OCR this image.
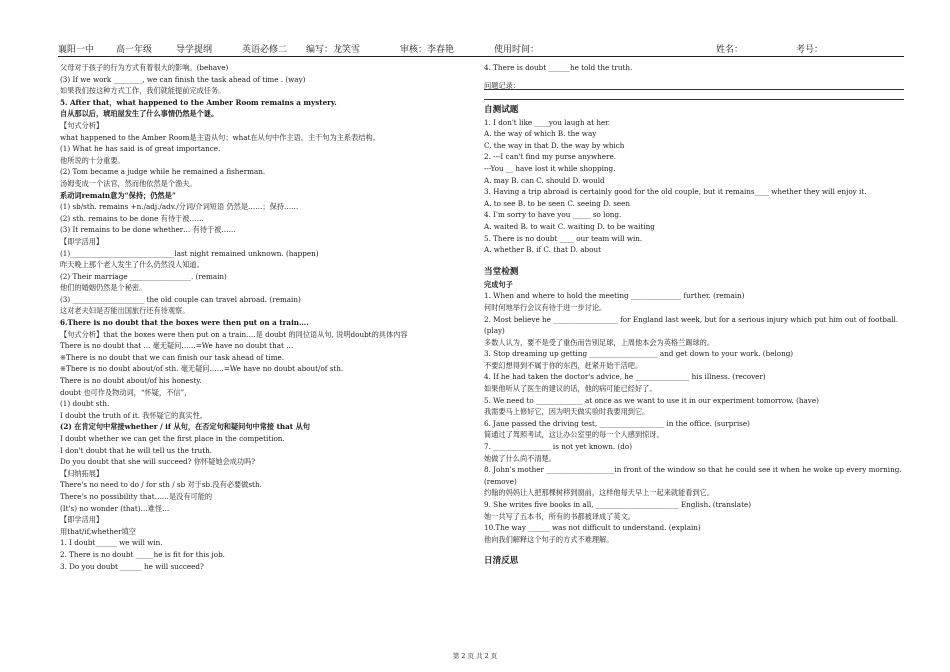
襄阳一中 高一年级	导学提纲	英语必修二 编写：龙笑雪	审核：李春艳	使用时间：	姓名：	考号：
父母对于孩子的行为方式有着很大的影响。(behave)
(3) If we work ________, we can finish the task ahead of time . (way)
如果我们按这种方式工作，我们就能提前完成任务。
5. After that，what happened to the Amber Room remains a mystery.
自从那以后，琥珀屋发生了什么事情仍然是个谜。
【句式分析】
what happened to the Amber Room是主语从句；what在从句中作主语。主干句为主系表结构。
(1) What he has said is of great importance.
他所说的十分重要。
(2) Tom became a judge while he remained a fisherman.
汤姆变成一个法官，然而他依然是个渔夫。
系动词remain意为“保持；仍然是”
(1) sb/sth. remains +n./adj./adv./分词/介词短语 仍然是……；保持……
(2) sth. remains to be done 有待于被……
(3) It remains to be done whether… 有待于被……
【即学活用】
(1)_____________________________last night remained unknown. (happen)
昨天晚上那个老人发生了什么仍然没人知道。
(2) Their marriage _________________. (remain)
他们的婚姻仍然是个秘密。
(3) ____________________ the old couple can travel abroad. (remain)
这对老夫妇是否能出国旅行还有待观察。
6.There is no doubt that the boxes were then put on a train….
【句式分析】that the boxes were then put on a train….是 doubt 的同位语从句, 说明doubt的具体内容
There is no doubt that ... 毫无疑问……=We have no doubt that …
※There is no doubt that we can finish our task ahead of time.
※There is no doubt about/of sth. 毫无疑问……=We have no doubt about/of sth.
There is no doubt about/of his honesty.
doubt 也可作及物动词，“怀疑，不信”，
(1) doubt sth.
I doubt the truth of it. 我怀疑它的真实性。
(2) 在肯定句中常接whether / if 从句，在否定句和疑问句中常接 that 从句
I doubt whether we can get the first place in the competition.
I don't doubt that he will tell us the truth.
Do you doubt that she will succeed? 你怀疑她会成功吗?
【归纳拓展】
There's no need to do / for sth / sb 对于sb.没有必要做sth.
There's no possibility that……是没有可能的
(It's) no wonder (that)…难怪…
【即学活用】
用that/if,whether填空
1. I doubt______ we will win.
2. There is no doubt _____he is fit for this job.
3. Do you doubt ______ he will succeed?
4. There is doubt ______he told the truth.
问题记录：
自测试题
1. I don't like ____you laugh at her.
A. the way of which B. the way
C. the way in that D. the way by which
2. ---I can't find my purse anywhere.
---You __ have lost it while shopping.
A. may B. can C. should D. would
3. Having a trip abroad is certainly good for the old couple, but it remains____ whether they will enjoy it.
A. to see B. to be seen C. seeing D. seen
4. I'm sorry to have you _____ so long.
A. waited B. to wait C. waiting D. to be waiting
5. There is no doubt ____ our team will win.
A. whether B. if C. that D. about
当堂检测
完成句子
1. When and where to hold the meeting ______________ further. (remain)
何时何地举行会议有待于进一步讨论。
2. Most believe he __________________ for England last week, but for a serious injury which put him out of football.
(play)
多数人认为，要不是受了重伤而告别足球，上周他本会为英格兰踢球的。
3. Stop dreaming up getting ___________________ and get down to your work. (belong)
不要幻想得到不属于你的东西，赶紧开始干活吧。
4. If he had taken the doctor's advice, he _______________ his illness. (recover)
如果他听从了医生的建议的话，他的病可能已经好了。
5. We need to _____________ at once as we want to use it in our experiment tomorrow. (have)
我需要马上修好它，因为明天做实验时我要用到它。
6. Jane passed the driving test, __________________ in the office. (surprise)
简通过了驾照考试，这让办公室里的每一个人感到惊讶。
7. ________________ is not yet known. (do)
她做了什么尚不清楚。
8. John's mother ___________________in front of the window so that he could see it when he woke up every morning.
(remove)
约翰的妈妈让人把那棵树移到窗前，这样他每天早上一起来就能看到它。
9. She writes five books in all, _______________________ English. (translate)
她一共写了五本书，所有的书都被译成了英文。
10.The way ______ was not difficult to understand. (explain)
他向我们解释这个句子的方式不难理解。
日清反思
第 2 页 共 2 页
